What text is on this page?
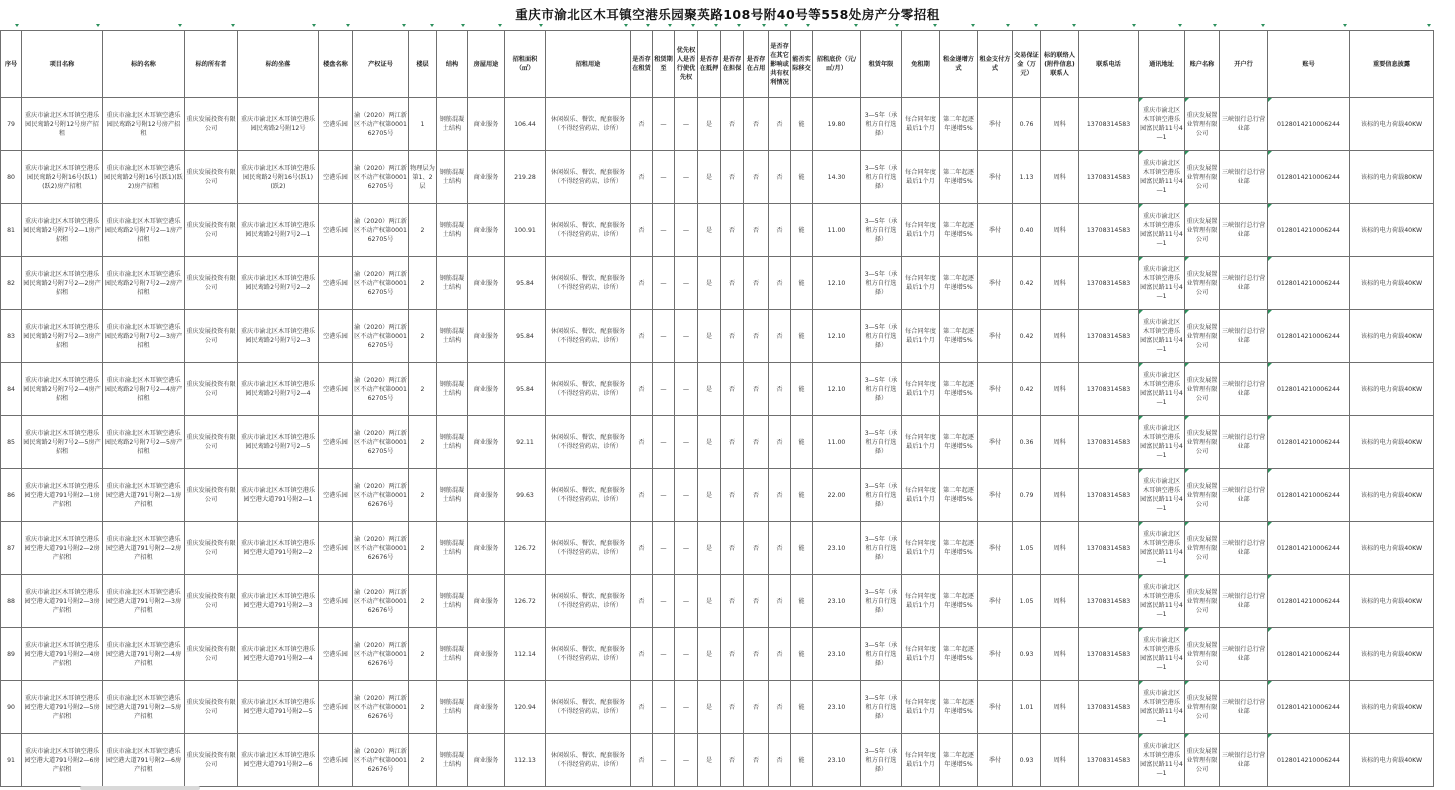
重庆市渝北区木耳镇空港乐园聚英路108号附40号等558处房产分零招租
序号	项目名称	标的名称	标的所有者	标的坐落	楼盘名称	产权证号	楼层	结构	房屋用途	招租面积（㎡）	招租用途	是否存在租赁	租赁期至	优先权人是否行使优先权	是否存在抵押	是否存在担保	是否存在占用	是否存在其它影响或共有权利情况	能否实际移交	招租底价（元/㎡/月）	租赁年限	免租期	租金递增方式	租金支付方式	交易保证金（万元）	标的联络人(附件信息)联系人	联系电话	通讯地址	账户名称	开户行	账号	重要信息披露
79	重庆市渝北区木耳镇空港乐园民鸾路2号附12号房产招租	重庆市渝北区木耳镇空港乐园民鸾路2号附12号房产招租	重庆发展投资有限公司	重庆市渝北区木耳镇空港乐园民鸾路2号附12号	空港乐园	渝（2020）两江新区不动产权第000162705号	1	钢筋混凝土结构	商业服务	106.44	休闲娱乐、餐饮、配套服务（不得经营药店、诊所）	否	—	—	是	否	否	否	能	19.80	3—5年（承租方自行选择）	每合同年度最后1个月	第二年起逐年递增5%	季付	0.76	周科	13708314583	重庆市渝北区木耳镇空港乐园富民路11号4—1	重庆发展置业管理有限公司	三峡银行总行营业部	0128014210006244	该标的电力荷载40KW
80	重庆市渝北区木耳镇空港乐园民鸾路2号附16号(跃1)(跃2)房产招租	重庆市渝北区木耳镇空港乐园民鸾路2号附16号(跃1)(跃2)房产招租	重庆发展投资有限公司	重庆市渝北区木耳镇空港乐园民鸾路2号附16号(跃1)(跃2)	空港乐园	渝（2020）两江新区不动产权第000162705号	物理层为第1、2层	钢筋混凝土结构	商业服务	219.28	休闲娱乐、餐饮、配套服务（不得经营药店、诊所）	否	—	—	是	否	否	否	能	14.30	3—5年（承租方自行选择）	每合同年度最后1个月	第二年起逐年递增5%	季付	1.13	周科	13708314583	重庆市渝北区木耳镇空港乐园富民路11号4—1	重庆发展置业管理有限公司	三峡银行总行营业部	0128014210006244	该标的电力荷载80KW
81	重庆市渝北区木耳镇空港乐园民鸾路2号附7号2—1房产招租	重庆市渝北区木耳镇空港乐园民鸾路2号附7号2—1房产招租	重庆发展投资有限公司	重庆市渝北区木耳镇空港乐园民鸾路2号附7号2—1	空港乐园	渝（2020）两江新区不动产权第000162705号	2	钢筋混凝土结构	商业服务	100.91	休闲娱乐、餐饮、配套服务（不得经营药店、诊所）	否	—	—	是	否	否	否	能	11.00	3—5年（承租方自行选择）	每合同年度最后1个月	第二年起逐年递增5%	季付	0.40	周科	13708314583	重庆市渝北区木耳镇空港乐园富民路11号4—1	重庆发展置业管理有限公司	三峡银行总行营业部	0128014210006244	该标的电力荷载40KW
82	重庆市渝北区木耳镇空港乐园民鸾路2号附7号2—2房产招租	重庆市渝北区木耳镇空港乐园民鸾路2号附7号2—2房产招租	重庆发展投资有限公司	重庆市渝北区木耳镇空港乐园民鸾路2号附7号2—2	空港乐园	渝（2020）两江新区不动产权第000162705号	2	钢筋混凝土结构	商业服务	95.84	休闲娱乐、餐饮、配套服务（不得经营药店、诊所）	否	—	—	是	否	否	否	能	12.10	3—5年（承租方自行选择）	每合同年度最后1个月	第二年起逐年递增5%	季付	0.42	周科	13708314583	重庆市渝北区木耳镇空港乐园富民路11号4—1	重庆发展置业管理有限公司	三峡银行总行营业部	0128014210006244	该标的电力荷载40KW
83	重庆市渝北区木耳镇空港乐园民鸾路2号附7号2—3房产招租	重庆市渝北区木耳镇空港乐园民鸾路2号附7号2—3房产招租	重庆发展投资有限公司	重庆市渝北区木耳镇空港乐园民鸾路2号附7号2—3	空港乐园	渝（2020）两江新区不动产权第000162705号	2	钢筋混凝土结构	商业服务	95.84	休闲娱乐、餐饮、配套服务（不得经营药店、诊所）	否	—	—	是	否	否	否	能	12.10	3—5年（承租方自行选择）	每合同年度最后1个月	第二年起逐年递增5%	季付	0.42	周科	13708314583	重庆市渝北区木耳镇空港乐园富民路11号4—1	重庆发展置业管理有限公司	三峡银行总行营业部	0128014210006244	该标的电力荷载40KW
84	重庆市渝北区木耳镇空港乐园民鸾路2号附7号2—4房产招租	重庆市渝北区木耳镇空港乐园民鸾路2号附7号2—4房产招租	重庆发展投资有限公司	重庆市渝北区木耳镇空港乐园民鸾路2号附7号2—4	空港乐园	渝（2020）两江新区不动产权第000162705号	2	钢筋混凝土结构	商业服务	95.84	休闲娱乐、餐饮、配套服务（不得经营药店、诊所）	否	—	—	是	否	否	否	能	12.10	3—5年（承租方自行选择）	每合同年度最后1个月	第二年起逐年递增5%	季付	0.42	周科	13708314583	重庆市渝北区木耳镇空港乐园富民路11号4—1	重庆发展置业管理有限公司	三峡银行总行营业部	0128014210006244	该标的电力荷载40KW
85	重庆市渝北区木耳镇空港乐园民鸾路2号附7号2—5房产招租	重庆市渝北区木耳镇空港乐园民鸾路2号附7号2—5房产招租	重庆发展投资有限公司	重庆市渝北区木耳镇空港乐园民鸾路2号附7号2—5	空港乐园	渝（2020）两江新区不动产权第000162705号	2	钢筋混凝土结构	商业服务	92.11	休闲娱乐、餐饮、配套服务（不得经营药店、诊所）	否	—	—	是	否	否	否	能	11.00	3—5年（承租方自行选择）	每合同年度最后1个月	第二年起逐年递增5%	季付	0.36	周科	13708314583	重庆市渝北区木耳镇空港乐园富民路11号4—1	重庆发展置业管理有限公司	三峡银行总行营业部	0128014210006244	该标的电力荷载40KW
86	重庆市渝北区木耳镇空港乐园空港大道791号附2—1房产招租	重庆市渝北区木耳镇空港乐园空港大道791号附2—1房产招租	重庆发展投资有限公司	重庆市渝北区木耳镇空港乐园空港大道791号附2—1	空港乐园	渝（2020）两江新区不动产权第000162676号	2	钢筋混凝土结构	商业服务	99.63	休闲娱乐、餐饮、配套服务（不得经营药店、诊所）	否	—	—	是	否	否	否	能	22.00	3—5年（承租方自行选择）	每合同年度最后1个月	第二年起逐年递增5%	季付	0.79	周科	13708314583	重庆市渝北区木耳镇空港乐园富民路11号4—1	重庆发展置业管理有限公司	三峡银行总行营业部	0128014210006244	该标的电力荷载40KW
87	重庆市渝北区木耳镇空港乐园空港大道791号附2—2房产招租	重庆市渝北区木耳镇空港乐园空港大道791号附2—2房产招租	重庆发展投资有限公司	重庆市渝北区木耳镇空港乐园空港大道791号附2—2	空港乐园	渝（2020）两江新区不动产权第000162676号	2	钢筋混凝土结构	商业服务	126.72	休闲娱乐、餐饮、配套服务（不得经营药店、诊所）	否	—	—	是	否	否	否	能	23.10	3—5年（承租方自行选择）	每合同年度最后1个月	第二年起逐年递增5%	季付	1.05	周科	13708314583	重庆市渝北区木耳镇空港乐园富民路11号4—1	重庆发展置业管理有限公司	三峡银行总行营业部	0128014210006244	该标的电力荷载40KW
88	重庆市渝北区木耳镇空港乐园空港大道791号附2—3房产招租	重庆市渝北区木耳镇空港乐园空港大道791号附2—3房产招租	重庆发展投资有限公司	重庆市渝北区木耳镇空港乐园空港大道791号附2—3	空港乐园	渝（2020）两江新区不动产权第000162676号	2	钢筋混凝土结构	商业服务	126.72	休闲娱乐、餐饮、配套服务（不得经营药店、诊所）	否	—	—	是	否	否	否	能	23.10	3—5年（承租方自行选择）	每合同年度最后1个月	第二年起逐年递增5%	季付	1.05	周科	13708314583	重庆市渝北区木耳镇空港乐园富民路11号4—1	重庆发展置业管理有限公司	三峡银行总行营业部	0128014210006244	该标的电力荷载40KW
89	重庆市渝北区木耳镇空港乐园空港大道791号附2—4房产招租	重庆市渝北区木耳镇空港乐园空港大道791号附2—4房产招租	重庆发展投资有限公司	重庆市渝北区木耳镇空港乐园空港大道791号附2—4	空港乐园	渝（2020）两江新区不动产权第000162676号	2	钢筋混凝土结构	商业服务	112.14	休闲娱乐、餐饮、配套服务（不得经营药店、诊所）	否	—	—	是	否	否	否	能	23.10	3—5年（承租方自行选择）	每合同年度最后1个月	第二年起逐年递增5%	季付	0.93	周科	13708314583	重庆市渝北区木耳镇空港乐园富民路11号4—1	重庆发展置业管理有限公司	三峡银行总行营业部	0128014210006244	该标的电力荷载40KW
90	重庆市渝北区木耳镇空港乐园空港大道791号附2—5房产招租	重庆市渝北区木耳镇空港乐园空港大道791号附2—5房产招租	重庆发展投资有限公司	重庆市渝北区木耳镇空港乐园空港大道791号附2—5	空港乐园	渝（2020）两江新区不动产权第000162676号	2	钢筋混凝土结构	商业服务	120.94	休闲娱乐、餐饮、配套服务（不得经营药店、诊所）	否	—	—	是	否	否	否	能	23.10	3—5年（承租方自行选择）	每合同年度最后1个月	第二年起逐年递增5%	季付	1.01	周科	13708314583	重庆市渝北区木耳镇空港乐园富民路11号4—1	重庆发展置业管理有限公司	三峡银行总行营业部	0128014210006244	该标的电力荷载40KW
91	重庆市渝北区木耳镇空港乐园空港大道791号附2—6房产招租	重庆市渝北区木耳镇空港乐园空港大道791号附2—6房产招租	重庆发展投资有限公司	重庆市渝北区木耳镇空港乐园空港大道791号附2—6	空港乐园	渝（2020）两江新区不动产权第000162676号	2	钢筋混凝土结构	商业服务	112.13	休闲娱乐、餐饮、配套服务（不得经营药店、诊所）	否	—	—	是	否	否	否	能	23.10	3—5年（承租方自行选择）	每合同年度最后1个月	第二年起逐年递增5%	季付	0.93	周科	13708314583	重庆市渝北区木耳镇空港乐园富民路11号4—1	重庆发展置业管理有限公司	三峡银行总行营业部	0128014210006244	该标的电力荷载40KW
